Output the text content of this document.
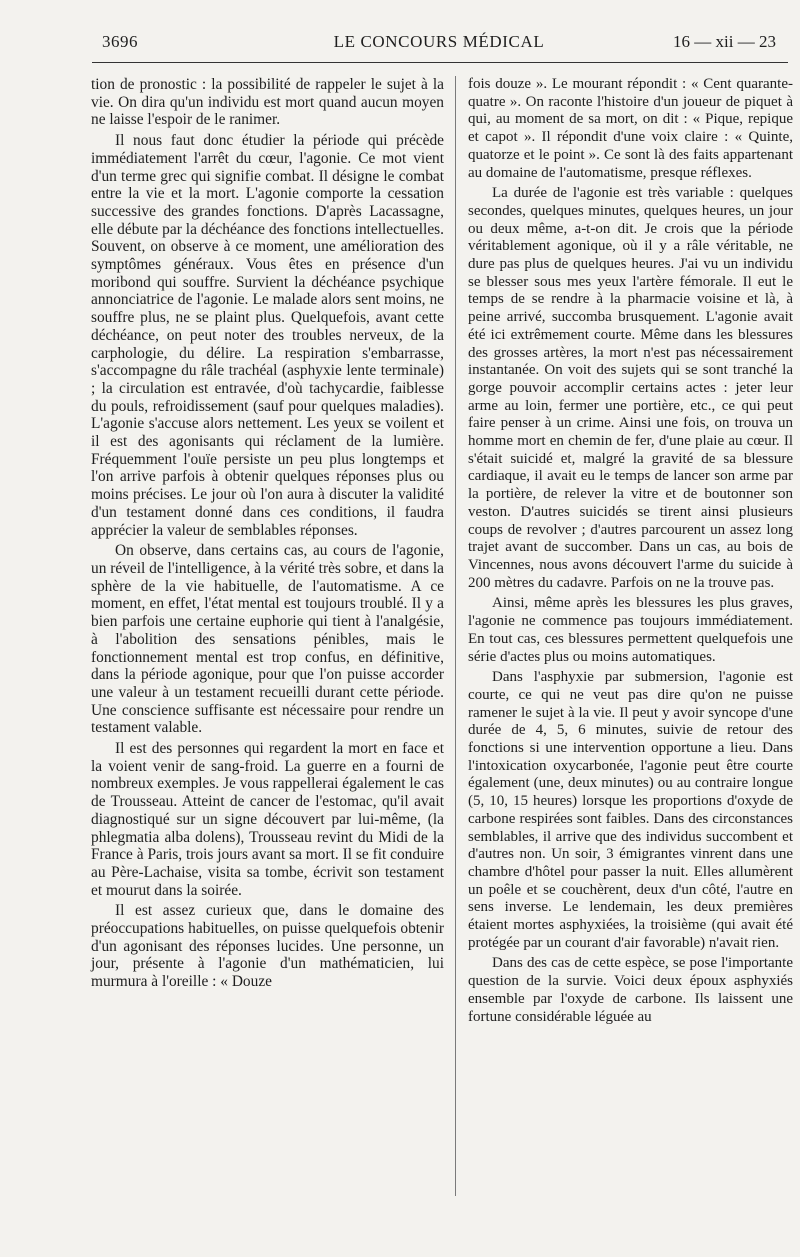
3696	LE CONCOURS MÉDICAL	16 — xii — 23

tion de pronostic : la possibilité de rappeler le sujet à la vie. On dira qu'un individu est mort quand aucun moyen ne laisse l'espoir de le ranimer.

Il nous faut donc étudier la période qui précède immédiatement l'arrêt du cœur, l'agonie. Ce mot vient d'un terme grec qui signifie combat. Il désigne le combat entre la vie et la mort. L'agonie comporte la cessation successive des grandes fonctions. D'après Lacassagne, elle débute par la déchéance des fonctions intellectuelles. Souvent, on observe à ce moment, une amélioration des symptômes généraux. Vous êtes en présence d'un moribond qui souffre. Survient la déchéance psychique annonciatrice de l'agonie. Le malade alors sent moins, ne souffre plus, ne se plaint plus. Quelquefois, avant cette déchéance, on peut noter des troubles nerveux, de la carphologie, du délire. La respiration s'embarrasse, s'accompagne du râle trachéal (asphyxie lente terminale) ; la circulation est entravée, d'où tachycardie, faiblesse du pouls, refroidissement (sauf pour quelques maladies). L'agonie s'accuse alors nettement. Les yeux se voilent et il est des agonisants qui réclament de la lumière. Fréquemment l'ouïe persiste un peu plus longtemps et l'on arrive parfois à obtenir quelques réponses plus ou moins précises. Le jour où l'on aura à discuter la validité d'un testament donné dans ces conditions, il faudra apprécier la valeur de semblables réponses.

On observe, dans certains cas, au cours de l'agonie, un réveil de l'intelligence, à la vérité très sobre, et dans la sphère de la vie habituelle, de l'automatisme. A ce moment, en effet, l'état mental est toujours troublé. Il y a bien parfois une certaine euphorie qui tient à l'analgésie, à l'abolition des sensations pénibles, mais le fonctionnement mental est trop confus, en définitive, dans la période agonique, pour que l'on puisse accorder une valeur à un testament recueilli durant cette période. Une conscience suffisante est nécessaire pour rendre un testament valable.

Il est des personnes qui regardent la mort en face et la voient venir de sang-froid. La guerre en a fourni de nombreux exemples. Je vous rappellerai également le cas de Trousseau. Atteint de cancer de l'estomac, qu'il avait diagnostiqué sur un signe découvert par lui-même, (la phlegmatia alba dolens), Trousseau revint du Midi de la France à Paris, trois jours avant sa mort. Il se fit conduire au Père-Lachaise, visita sa tombe, écrivit son testament et mourut dans la soirée.

Il est assez curieux que, dans le domaine des préoccupations habituelles, on puisse quelquefois obtenir d'un agonisant des réponses lucides. Une personne, un jour, présente à l'agonie d'un mathématicien, lui murmura à l'oreille : « Douze

fois douze ». Le mourant répondit : « Cent quarante-quatre ». On raconte l'histoire d'un joueur de piquet à qui, au moment de sa mort, on dit : « Pique, repique et capot ». Il répondit d'une voix claire : « Quinte, quatorze et le point ». Ce sont là des faits appartenant au domaine de l'automatisme, presque réflexes.

La durée de l'agonie est très variable : quelques secondes, quelques minutes, quelques heures, un jour ou deux même, a-t-on dit. Je crois que la période véritablement agonique, où il y a râle véritable, ne dure pas plus de quelques heures. J'ai vu un individu se blesser sous mes yeux l'artère fémorale. Il eut le temps de se rendre à la pharmacie voisine et là, à peine arrivé, succomba brusquement. L'agonie avait été ici extrêmement courte. Même dans les blessures des grosses artères, la mort n'est pas nécessairement instantanée. On voit des sujets qui se sont tranché la gorge pouvoir accomplir certains actes : jeter leur arme au loin, fermer une portière, etc., ce qui peut faire penser à un crime. Ainsi une fois, on trouva un homme mort en chemin de fer, d'une plaie au cœur. Il s'était suicidé et, malgré la gravité de sa blessure cardiaque, il avait eu le temps de lancer son arme par la portière, de relever la vitre et de boutonner son veston. D'autres suicidés se tirent ainsi plusieurs coups de revolver ; d'autres parcourent un assez long trajet avant de succomber. Dans un cas, au bois de Vincennes, nous avons découvert l'arme du suicide à 200 mètres du cadavre. Parfois on ne la trouve pas.

Ainsi, même après les blessures les plus graves, l'agonie ne commence pas toujours immédiatement. En tout cas, ces blessures permettent quelquefois une série d'actes plus ou moins automatiques.

Dans l'asphyxie par submersion, l'agonie est courte, ce qui ne veut pas dire qu'on ne puisse ramener le sujet à la vie. Il peut y avoir syncope d'une durée de 4, 5, 6 minutes, suivie de retour des fonctions si une intervention opportune a lieu. Dans l'intoxication oxycarbonée, l'agonie peut être courte également (une, deux minutes) ou au contraire longue (5, 10, 15 heures) lorsque les proportions d'oxyde de carbone respirées sont faibles. Dans des circonstances semblables, il arrive que des individus succombent et d'autres non. Un soir, 3 émigrantes vinrent dans une chambre d'hôtel pour passer la nuit. Elles allumèrent un poêle et se couchèrent, deux d'un côté, l'autre en sens inverse. Le lendemain, les deux premières étaient mortes asphyxiées, la troisième (qui avait été protégée par un courant d'air favorable) n'avait rien.

Dans des cas de cette espèce, se pose l'importante question de la survie. Voici deux époux asphyxiés ensemble par l'oxyde de carbone. Ils laissent une fortune considérable léguée au
